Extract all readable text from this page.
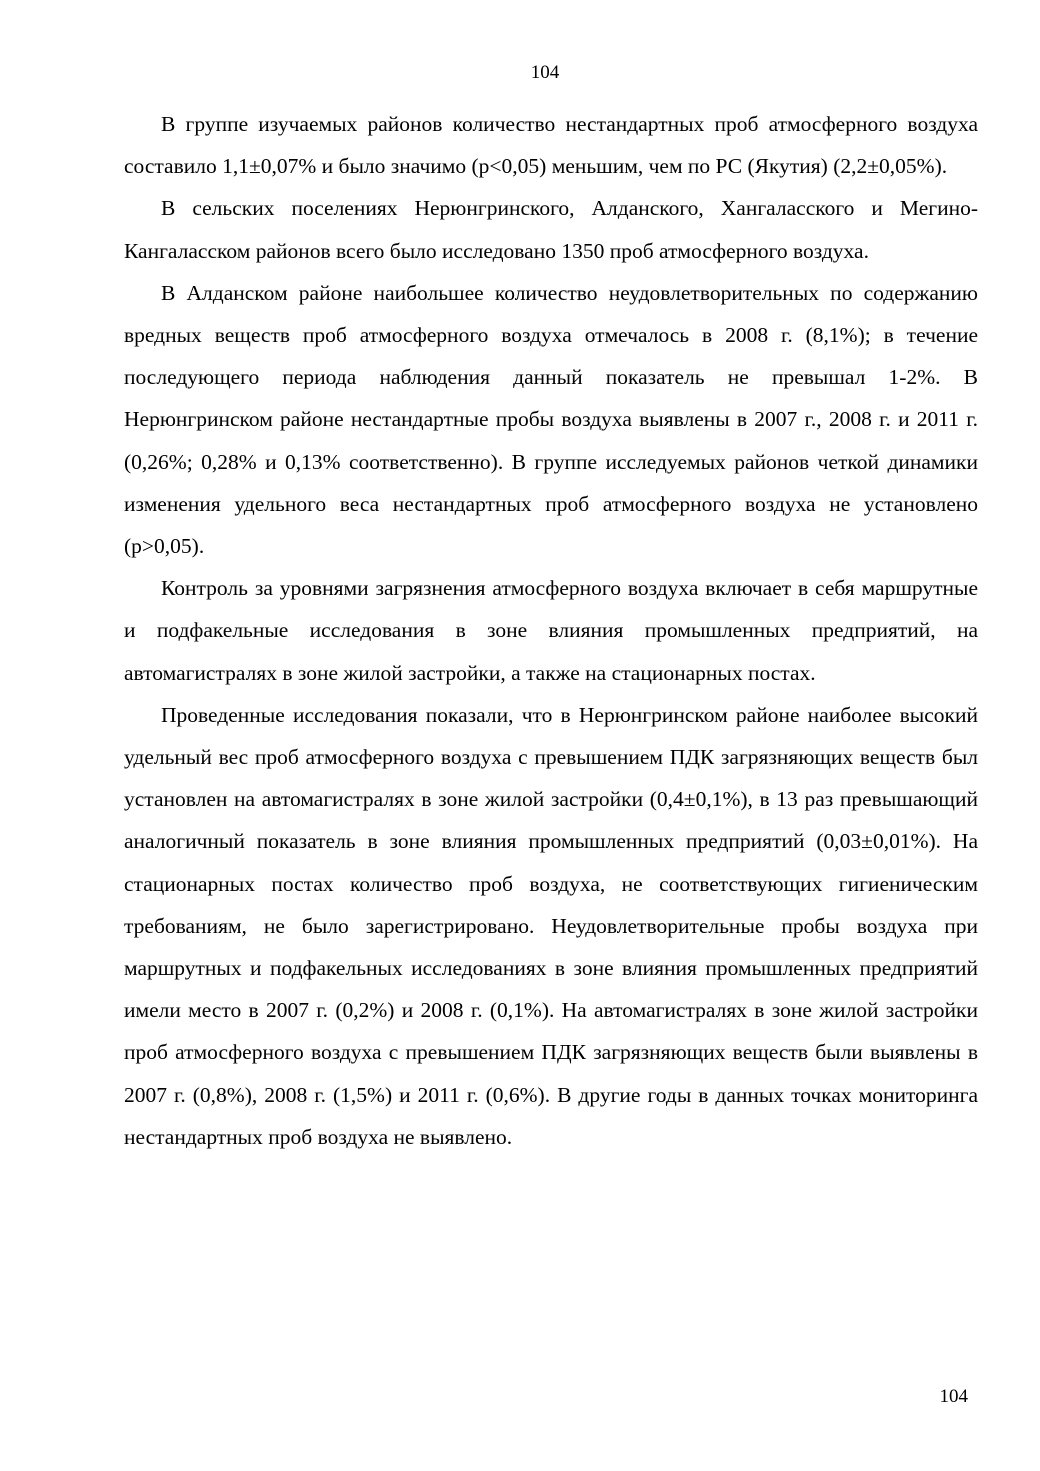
104

В группе изучаемых районов количество нестандартных проб атмосферного воздуха составило 1,1±0,07% и было значимо (р<0,05) меньшим, чем по РС (Якутия) (2,2±0,05%).

В сельских поселениях Нерюнгринского, Алданского, Хангаласского и Мегино-Кангаласском районов всего было исследовано 1350 проб атмосферного воздуха.

В Алданском районе наибольшее количество неудовлетворительных по содержанию вредных веществ проб атмосферного воздуха отмечалось в 2008 г. (8,1%); в течение последующего периода наблюдения данный показатель не превышал 1-2%. В Нерюнгринском районе нестандартные пробы воздуха выявлены в 2007 г., 2008 г. и 2011 г. (0,26%; 0,28% и 0,13% соответственно). В группе исследуемых районов четкой динамики изменения удельного веса нестандартных проб атмосферного воздуха не установлено (р>0,05).

Контроль за уровнями загрязнения атмосферного воздуха включает в себя маршрутные и подфакельные исследования в зоне влияния промышленных предприятий, на автомагистралях в зоне жилой застройки, а также на стационарных постах.

Проведенные исследования показали, что в Нерюнгринском районе наиболее высокий удельный вес проб атмосферного воздуха с превышением ПДК загрязняющих веществ был установлен на автомагистралях в зоне жилой застройки (0,4±0,1%), в 13 раз превышающий аналогичный показатель в зоне влияния промышленных предприятий (0,03±0,01%). На стационарных постах количество проб воздуха, не соответствующих гигиеническим требованиям, не было зарегистрировано. Неудовлетворительные пробы воздуха при маршрутных и подфакельных исследованиях в зоне влияния промышленных предприятий имели место в 2007 г. (0,2%) и 2008 г. (0,1%). На автомагистралях в зоне жилой застройки проб атмосферного воздуха с превышением ПДК загрязняющих веществ были выявлены в 2007 г. (0,8%), 2008 г. (1,5%) и 2011 г. (0,6%). В другие годы в данных точках мониторинга нестандартных проб воздуха не выявлено.

104
